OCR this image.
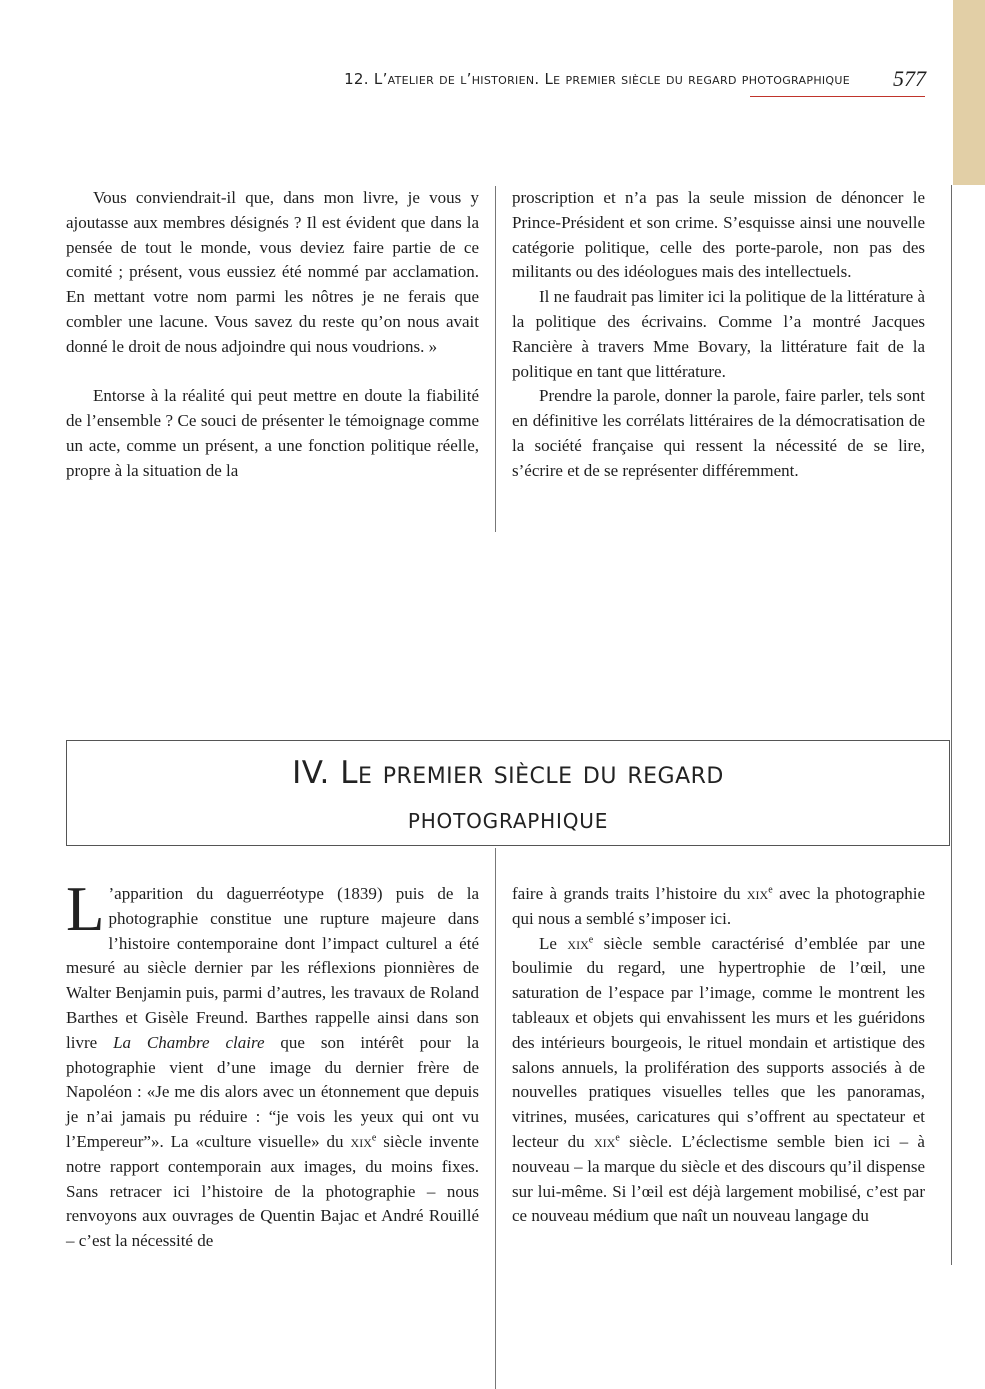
12. L’atelier de l’historien. Le premier siècle du regard photographique	577

Vous conviendrait-il que, dans mon livre, je vous y ajoutasse aux membres désignés ? Il est évident que dans la pensée de tout le monde, vous deviez faire partie de ce comité ; présent, vous eussiez été nommé par acclamation. En mettant votre nom parmi les nôtres je ne ferais que combler une lacune. Vous savez du reste qu’on nous avait donné le droit de nous adjoindre qui nous voudrions. »

Entorse à la réalité qui peut mettre en doute la fiabilité de l’ensemble ? Ce souci de présenter le témoignage comme un acte, comme un présent, a une fonction politique réelle, propre à la situation de la

proscription et n’a pas la seule mission de dénoncer le Prince-Président et son crime. S’esquisse ainsi une nouvelle catégorie politique, celle des porte-parole, non pas des militants ou des idéologues mais des intellectuels.

Il ne faudrait pas limiter ici la politique de la littérature à la politique des écrivains. Comme l’a montré Jacques Rancière à travers Mme Bovary, la littérature fait de la politique en tant que littérature.

Prendre la parole, donner la parole, faire parler, tels sont en définitive les corrélats littéraires de la démocratisation de la société française qui ressent la nécessité de se lire, s’écrire et de se représenter différemment.

IV. Le premier siècle du regard
photographique

L ’apparition du daguerréotype (1839) puis de la photographie constitue une rupture majeure dans l’histoire contemporaine dont l’impact culturel a été mesuré au siècle dernier par les réflexions pionnières de Walter Benjamin puis, parmi d’autres, les travaux de Roland Barthes et Gisèle Freund. Barthes rappelle ainsi dans son livre La Chambre claire que son intérêt pour la photographie vient d’une image du dernier frère de Napoléon : «Je me dis alors avec un étonnement que depuis je n’ai jamais pu réduire : “je vois les yeux qui ont vu l’Empereur”». La «culture visuelle» du xix$^e$ siècle invente notre rapport contemporain aux images, du moins fixes. Sans retracer ici l’histoire de la photographie – nous renvoyons aux ouvrages de Quentin Bajac et André Rouillé – c’est la nécessité de

faire à grands traits l’histoire du xix$^e$ avec la photographie qui nous a semblé s’imposer ici.

Le xix$^e$ siècle semble caractérisé d’emblée par une boulimie du regard, une hypertrophie de l’œil, une saturation de l’espace par l’image, comme le montrent les tableaux et objets qui envahissent les murs et les guéridons des intérieurs bourgeois, le rituel mondain et artistique des salons annuels, la prolifération des supports associés à de nouvelles pratiques visuelles telles que les panoramas, vitrines, musées, caricatures qui s’offrent au spectateur et lecteur du xix$^e$ siècle. L’éclectisme semble bien ici – à nouveau – la marque du siècle et des discours qu’il dispense sur lui-même. Si l’œil est déjà largement mobilisé, c’est par ce nouveau médium que naît un nouveau langage du
